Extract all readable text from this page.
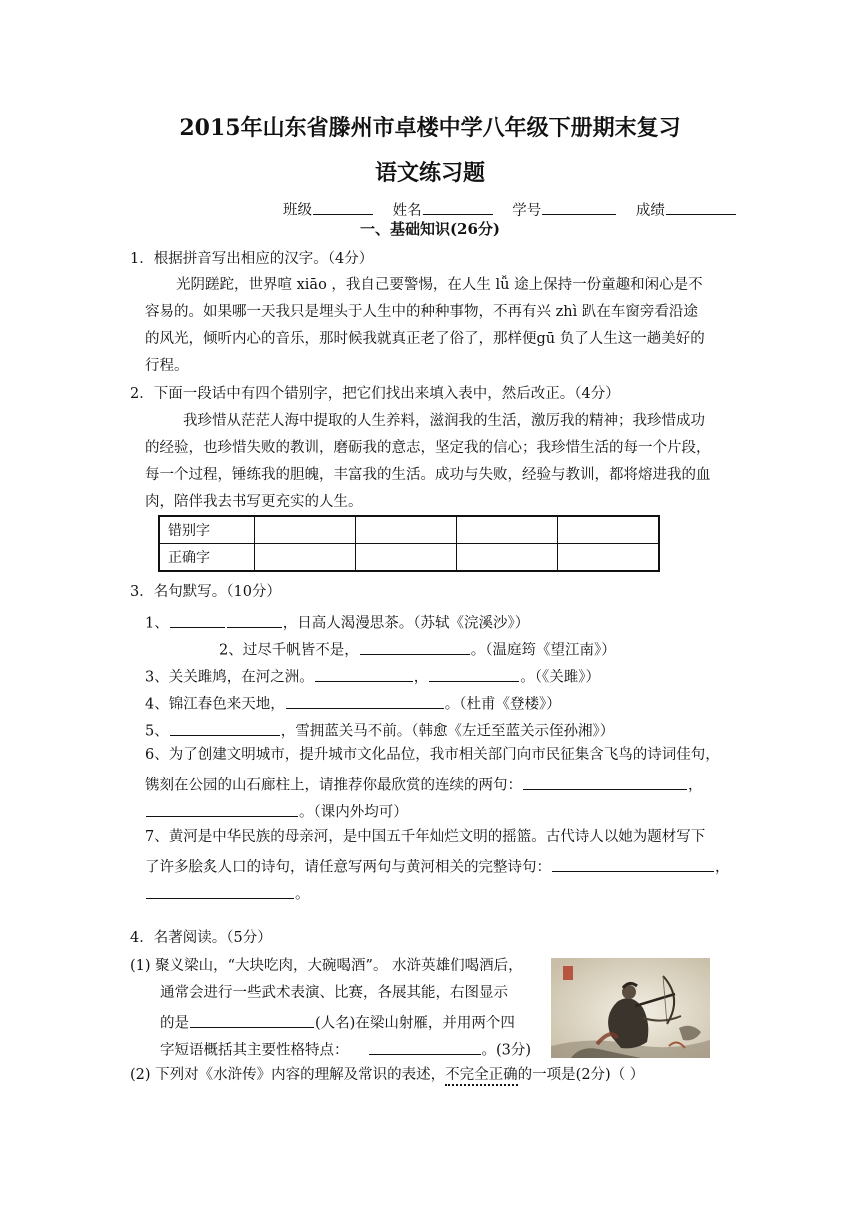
2015年山东省滕州市卓楼中学八年级下册期末复习
语文练习题
班级	姓名	学号	成绩
一、基础知识(26分)
1．根据拼音写出相应的汉字。（4分）
光阴蹉跎，世界喧 xiāo ，我自己要警惕，在人生 lǚ 途上保持一份童趣和闲心是不
容易的。如果哪一天我只是埋头于人生中的种种事物，不再有兴 zhì 趴在车窗旁看沿途
的风光，倾听内心的音乐，那时候我就真正老了俗了，那样便gū 负了人生这一趟美好的
行程。
2．下面一段话中有四个错别字，把它们找出来填入表中，然后改正。（4分）
我珍惜从茫茫人海中提取的人生养料，滋润我的生活，激厉我的精神；我珍惜成功
的经验，也珍惜失败的教训，磨砺我的意志，坚定我的信心；我珍惜生活的每一个片段，
每一个过程，锤练我的胆魄，丰富我的生活。成功与失败，经验与教训，都将熔进我的血
肉，陪伴我去书写更充实的人生。
错别字				
正确字				
3．名句默写。（10分）
1、	，日高人渴漫思茶。（苏轼《浣溪沙》）
2、过尽千帆皆不是，	。（温庭筠《望江南》）
3、关关雎鸠，在河之洲。	，	。（《关雎》）
4、锦江春色来天地，	。（杜甫《登楼》）
5、	，雪拥蓝关马不前。（韩愈《左迁至蓝关示侄孙湘》）
6、为了创建文明城市，提升城市文化品位，我市相关部门向市民征集含飞鸟的诗词佳句，
镌刻在公园的山石廊柱上，请推荐你最欣赏的连续的两句：	，
。（课内外均可）
7、黄河是中华民族的母亲河，是中国五千年灿烂文明的摇篮。古代诗人以她为题材写下
了许多脍炙人口的诗句，请任意写两句与黄河相关的完整诗句：	，
。
4．名著阅读。（5分）
(1) 聚义梁山，“大块吃肉，大碗喝酒”。 水浒英雄们喝酒后，
通常会进行一些武术表演、比赛，各展其能，右图显示
的是	(人名)在梁山射雁，并用两个四
字短语概括其主要性格特点：	。(3分)
(2) 下列对《水浒传》内容的理解及常识的表述，不完全正确的一项是(2分)（ ）
